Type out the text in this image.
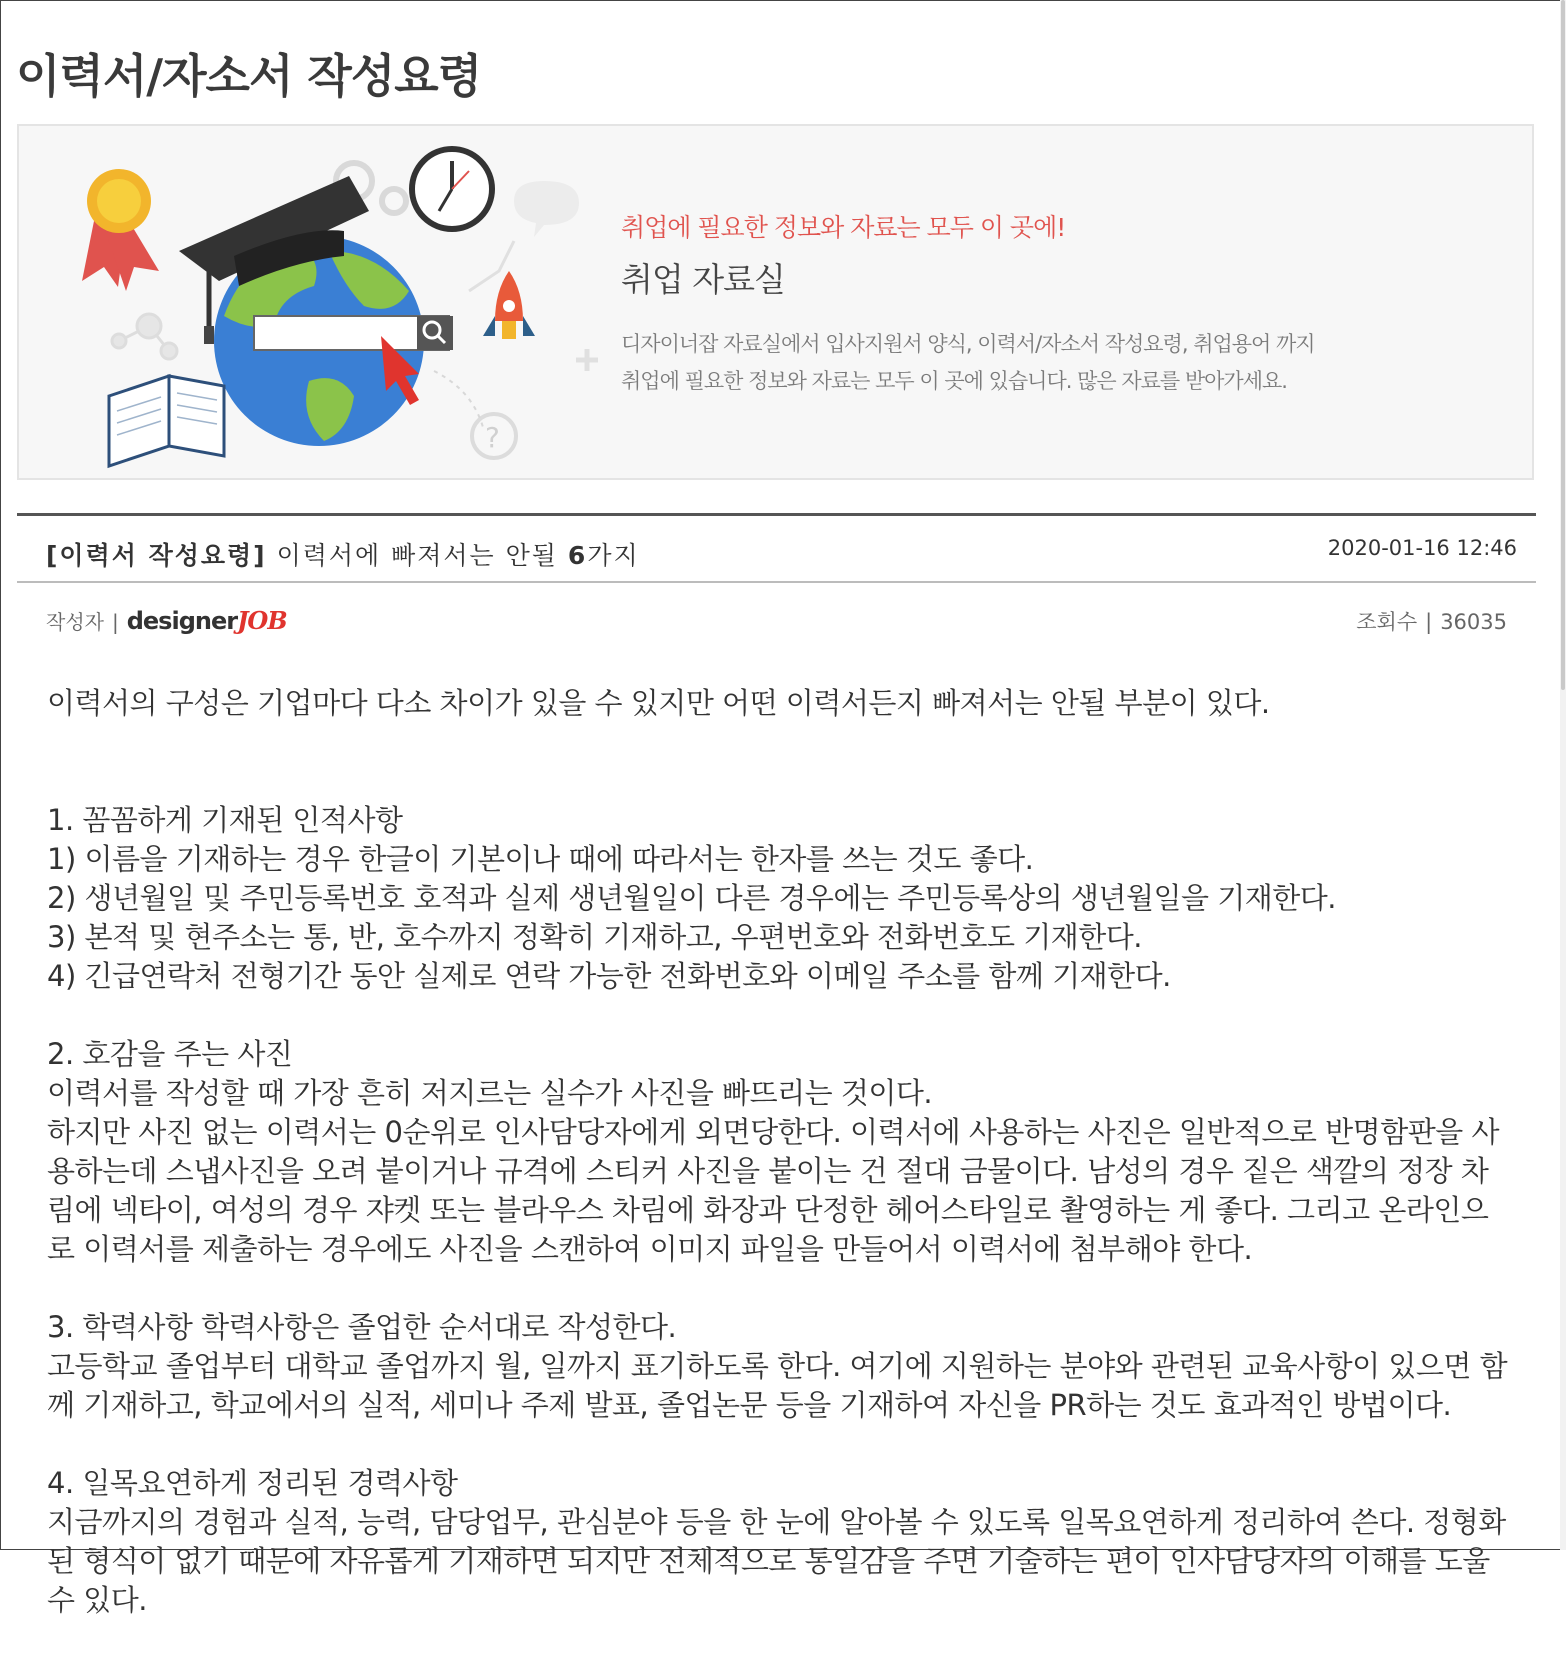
이력서/자소서 작성요령
?
취업에 필요한 정보와 자료는 모두 이 곳에!
취업 자료실
디자이너잡 자료실에서 입사지원서 양식, 이력서/자소서 작성요령, 취업용어 까지
취업에 필요한 정보와 자료는 모두 이 곳에 있습니다. 많은 자료를 받아가세요.
[이력서 작성요령] 이력서에 빠져서는 안될 6가지	2020-01-16 12:46
작성자 | designerJOB	조회수 | 36035

이력서의 구성은 기업마다 다소 차이가 있을 수 있지만 어떤 이력서든지 빠져서는 안될 부분이 있다.

1. 꼼꼼하게 기재된 인적사항

1) 이름을 기재하는 경우 한글이 기본이나 때에 따라서는 한자를 쓰는 것도 좋다.

2) 생년월일 및 주민등록번호 호적과 실제 생년월일이 다른 경우에는 주민등록상의 생년월일을 기재한다.

3) 본적 및 현주소는 통, 반, 호수까지 정확히 기재하고, 우편번호와 전화번호도 기재한다.

4) 긴급연락처 전형기간 동안 실제로 연락 가능한 전화번호와 이메일 주소를 함께 기재한다.

2. 호감을 주는 사진

이력서를 작성할 때 가장 흔히 저지르는 실수가 사진을 빠뜨리는 것이다.

하지만 사진 없는 이력서는 0순위로 인사담당자에게 외면당한다. 이력서에 사용하는 사진은 일반적으로 반명함판을 사용하는데 스냅사진을 오려 붙이거나 규격에 스티커 사진을 붙이는 건 절대 금물이다. 남성의 경우 짙은 색깔의 정장 차림에 넥타이, 여성의 경우 쟈켓 또는 블라우스 차림에 화장과 단정한 헤어스타일로 촬영하는 게 좋다. 그리고 온라인으로 이력서를 제출하는 경우에도 사진을 스캔하여 이미지 파일을 만들어서 이력서에 첨부해야 한다.

3. 학력사항 학력사항은 졸업한 순서대로 작성한다.

고등학교 졸업부터 대학교 졸업까지 월, 일까지 표기하도록 한다. 여기에 지원하는 분야와 관련된 교육사항이 있으면 함께 기재하고, 학교에서의 실적, 세미나 주제 발표, 졸업논문 등을 기재하여 자신을 PR하는 것도 효과적인 방법이다.

4. 일목요연하게 정리된 경력사항

지금까지의 경험과 실적, 능력, 담당업무, 관심분야 등을 한 눈에 알아볼 수 있도록 일목요연하게 정리하여 쓴다. 정형화된 형식이 없기 때문에 자유롭게 기재하면 되지만 전체적으로 통일감을 주면 기술하는 편이 인사담당자의 이해를 도울 수 있다.
